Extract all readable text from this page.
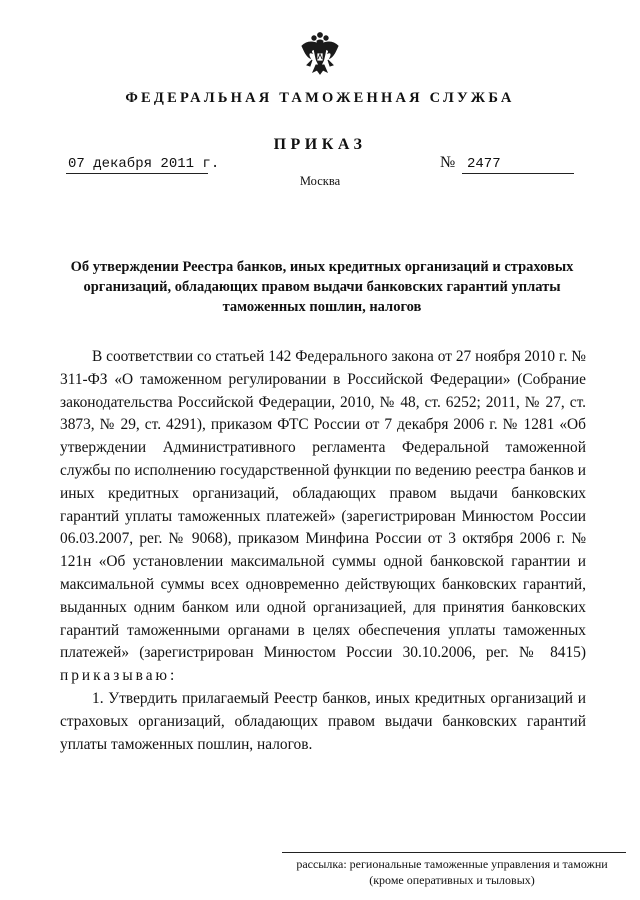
ФЕДЕРАЛЬНАЯ ТАМОЖЕННАЯ СЛУЖБА
ПРИКАЗ
07 декабря 2011 г.	№ 2477
Москва
Об утверждении Реестра банков, иных кредитных организаций и страховых организаций, обладающих правом выдачи банковских гарантий уплаты таможенных пошлин, налогов

В соответствии со статьей 142 Федерального закона от 27 ноября 2010 г. № 311-ФЗ «О таможенном регулировании в Российской Федерации» (Собрание законодательства Российской Федерации, 2010, № 48, ст. 6252; 2011, № 27, ст. 3873, № 29, ст. 4291), приказом ФТС России от 7 декабря 2006 г. № 1281 «Об утверждении Административного регламента Федеральной таможенной службы по исполнению государственной функции по ведению реестра банков и иных кредитных организаций, обладающих правом выдачи банковских гарантий уплаты таможенных платежей» (зарегистрирован Минюстом России 06.03.2007, рег. № 9068), приказом Минфина России от 3 октября 2006 г. № 121н «Об установлении максимальной суммы одной банковской гарантии и максимальной суммы всех одновременно действующих банковских гарантий, выданных одним банком или одной организацией, для принятия банковских гарантий таможенными органами в целях обеспечения уплаты таможенных платежей» (зарегистрирован Минюстом России 30.10.2006, рег. № 8415) приказываю:

1. Утвердить прилагаемый Реестр банков, иных кредитных организаций и страховых организаций, обладающих правом выдачи банковских гарантий уплаты таможенных пошлин, налогов.

рассылка: региональные таможенные управления и таможни
(кроме оперативных и тыловых)
